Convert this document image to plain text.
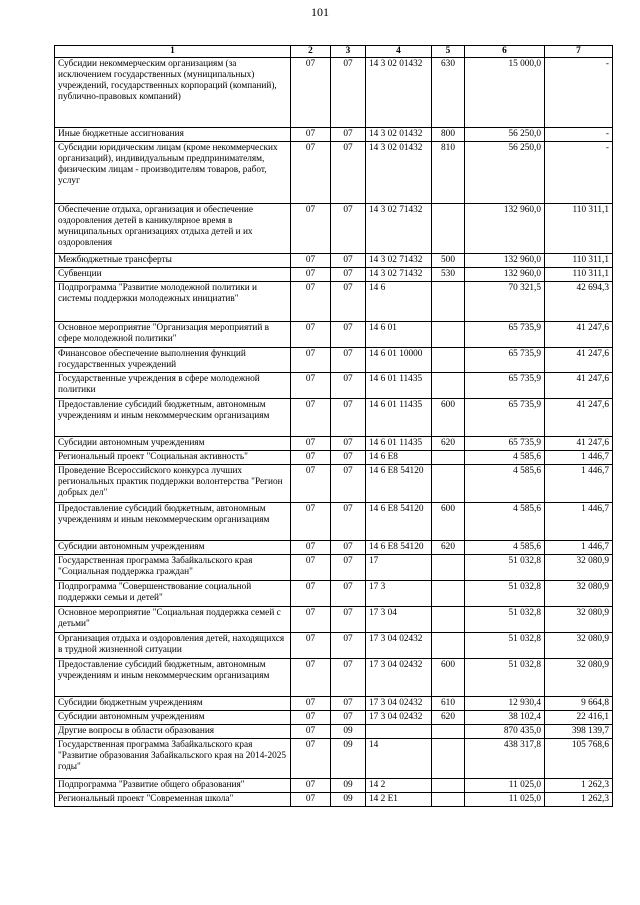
101
1	2	3	4	5	6	7
Субсидии некоммерческим организациям (за исключением государственных (муниципальных) учреждений, государственных корпораций (компаний), публично-правовых компаний)	07	07	14 3 02 01432	630	15 000,0	-
Иные бюджетные ассигнования	07	07	14 3 02 01432	800	56 250,0	-
Субсидии юридическим лицам (кроме некоммерческих организаций), индивидуальным предпринимателям, физическим лицам - производителям товаров, работ, услуг	07	07	14 3 02 01432	810	56 250,0	-
Обеспечение отдыха, организация и обеспечение оздоровления детей в каникулярное время в муниципальных организациях отдыха детей и их оздоровления	07	07	14 3 02 71432		132 960,0	110 311,1
Межбюджетные трансферты	07	07	14 3 02 71432	500	132 960,0	110 311,1
Субвенции	07	07	14 3 02 71432	530	132 960,0	110 311,1
Подпрограмма "Развитие молодежной политики и системы поддержки молодежных инициатив"	07	07	14 6		70 321,5	42 694,3
Основное мероприятие "Организация мероприятий в сфере молодежной политики"	07	07	14 6 01		65 735,9	41 247,6
Финансовое обеспечение выполнения функций государственных учреждений	07	07	14 6 01 10000		65 735,9	41 247,6
Государственные учреждения в сфере молодежной политики	07	07	14 6 01 11435		65 735,9	41 247,6
Предоставление субсидий бюджетным, автономным учреждениям и иным некоммерческим организациям	07	07	14 6 01 11435	600	65 735,9	41 247,6
Субсидии автономным учреждениям	07	07	14 6 01 11435	620	65 735,9	41 247,6
Региональный проект "Социальная активность"	07	07	14 6 E8		4 585,6	1 446,7
Проведение Всероссийского конкурса лучших региональных практик поддержки волонтерства "Регион добрых дел"	07	07	14 6 E8 54120		4 585,6	1 446,7
Предоставление субсидий бюджетным, автономным учреждениям и иным некоммерческим организациям	07	07	14 6 E8 54120	600	4 585,6	1 446,7
Субсидии автономным учреждениям	07	07	14 6 E8 54120	620	4 585,6	1 446,7
Государственная программа Забайкальского края "Социальная поддержка граждан"	07	07	17		51 032,8	32 080,9
Подпрограмма "Совершенствование социальной поддержки семьи и детей"	07	07	17 3		51 032,8	32 080,9
Основное мероприятие "Социальная поддержка семей с детьми"	07	07	17 3 04		51 032,8	32 080,9
Организация отдыха и оздоровления детей, находящихся в трудной жизненной ситуации	07	07	17 3 04 02432		51 032,8	32 080,9
Предоставление субсидий бюджетным, автономным учреждениям и иным некоммерческим организациям	07	07	17 3 04 02432	600	51 032,8	32 080,9
Субсидии бюджетным учреждениям	07	07	17 3 04 02432	610	12 930,4	9 664,8
Субсидии автономным учреждениям	07	07	17 3 04 02432	620	38 102,4	22 416,1
Другие вопросы в области образования	07	09			870 435,0	398 139,7
Государственная программа Забайкальского края "Развитие образования Забайкальского края на 2014-2025 годы"	07	09	14		438 317,8	105 768,6
Подпрограмма "Развитие общего образования"	07	09	14 2		11 025,0	1 262,3
Региональный проект "Современная школа"	07	09	14 2 E1		11 025,0	1 262,3
